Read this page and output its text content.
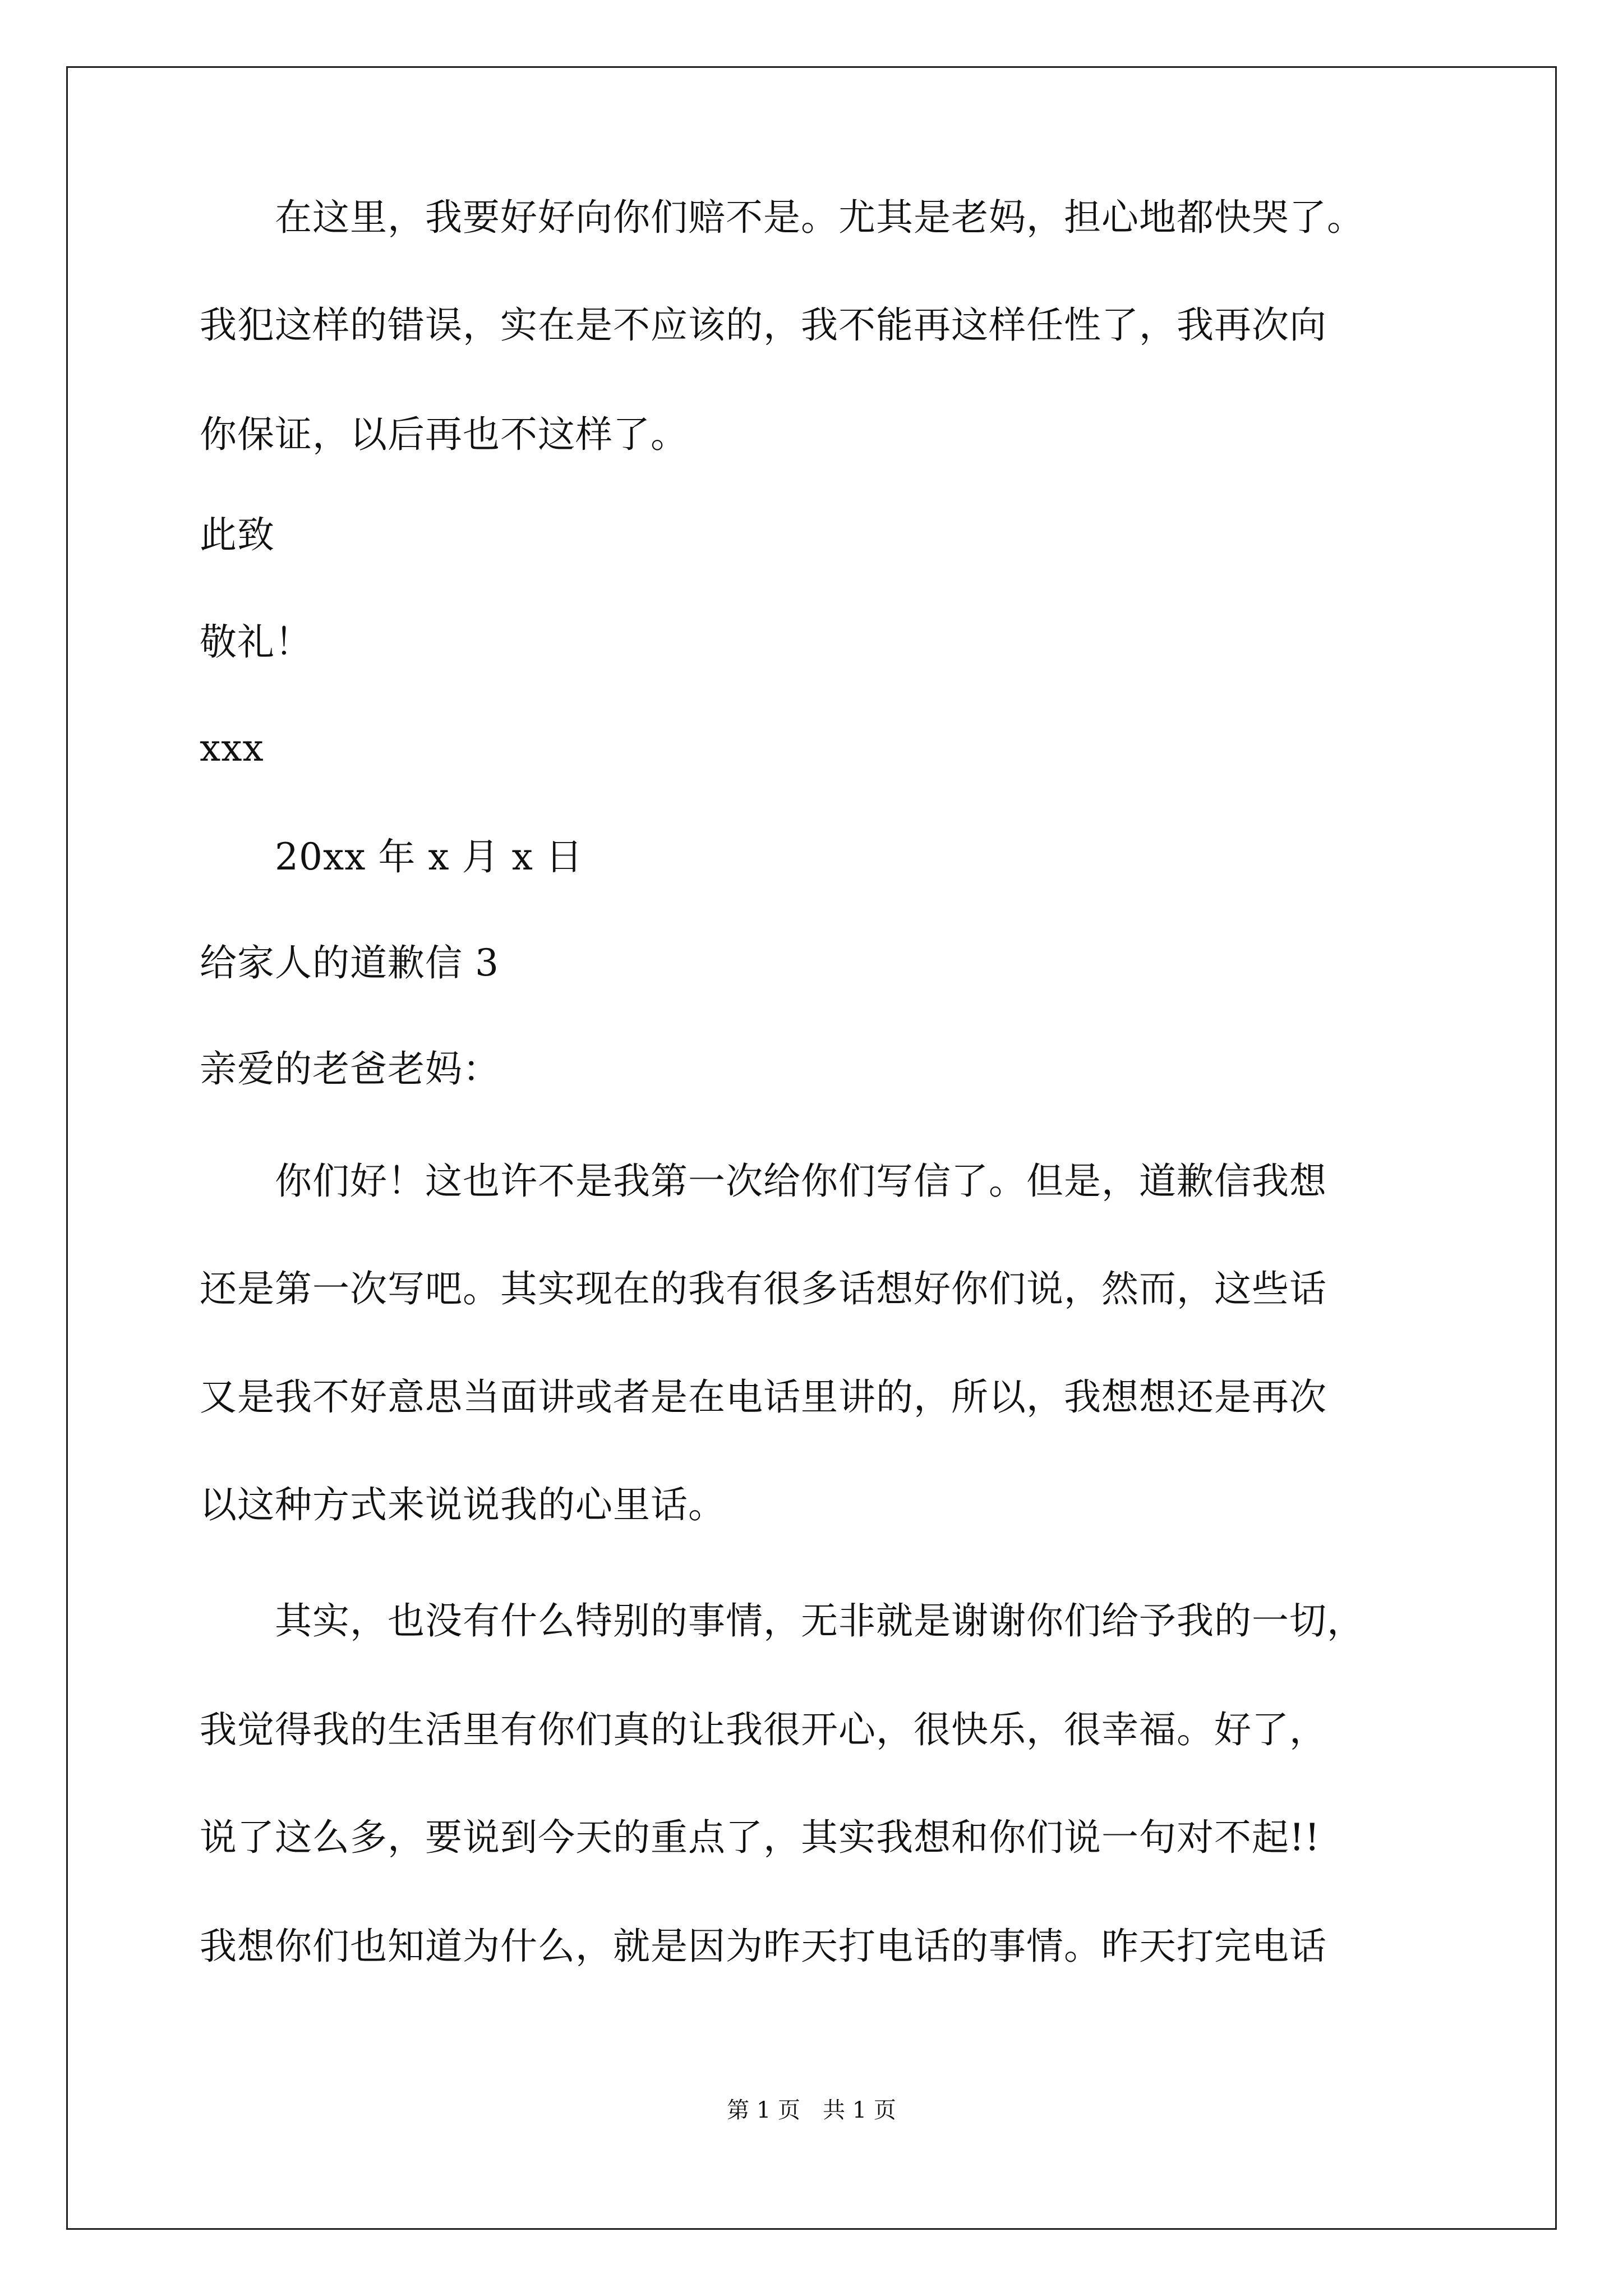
　　在这里，我要好好向你们赔不是。尤其是老妈，担心地都快哭了。
我犯这样的错误，实在是不应该的，我不能再这样任性了，我再次向
你保证，以后再也不这样了。
此致
敬礼！
xxx
　　20xx 年 x 月 x 日
给家人的道歉信 3
亲爱的老爸老妈：
　　你们好！这也许不是我第一次给你们写信了。但是，道歉信我想
还是第一次写吧。其实现在的我有很多话想好你们说，然而，这些话
又是我不好意思当面讲或者是在电话里讲的，所以，我想想还是再次
以这种方式来说说我的心里话。
　　其实，也没有什么特别的事情，无非就是谢谢你们给予我的一切，
我觉得我的生活里有你们真的让我很开心，很快乐，很幸福。好了，
说了这么多，要说到今天的重点了，其实我想和你们说一句对不起!!
我想你们也知道为什么，就是因为昨天打电话的事情。昨天打完电话
第 1 页　共 1 页
